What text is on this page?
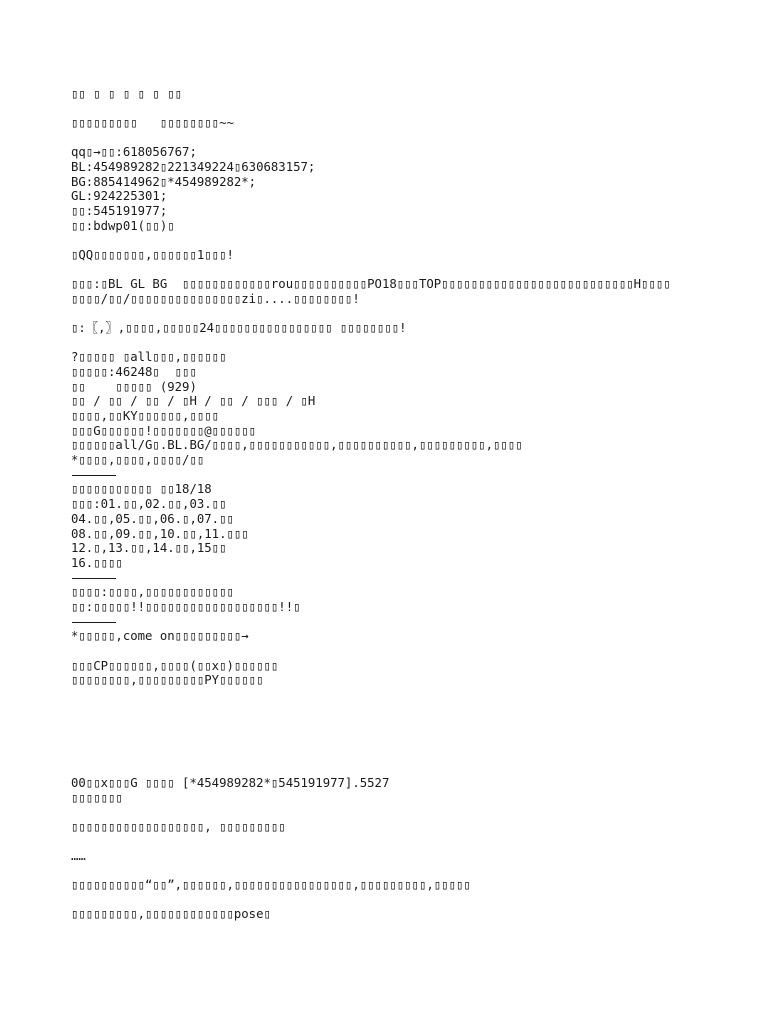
▯▯ ▯ ▯ ▯ ▯ ▯ ▯▯
▯▯▯▯▯▯▯▯▯   ▯▯▯▯▯▯▯▯~~
qq▯→▯▯:618056767;
BL:454989282▯221349224▯630683157;
BG:885414962▯*454989282*;
GL:924225301;
▯▯:545191977;
▯▯:bdwp01(▯▯)▯
▯QQ▯▯▯▯▯▯▯,▯▯▯▯▯▯1▯▯▯!
▯▯▯:▯BL GL BG  ▯▯▯▯▯▯▯▯▯▯▯▯rou▯▯▯▯▯▯▯▯▯▯PO18▯▯▯TOP▯▯▯▯▯▯▯▯▯▯▯▯▯▯▯▯▯▯▯▯▯▯▯▯▯▯H▯▯▯▯
▯▯▯▯/▯▯/▯▯▯▯▯▯▯▯▯▯▯▯▯▯▯zi▯....▯▯▯▯▯▯▯▯!
▯:〖,〗,▯▯▯▯,▯▯▯▯▯24▯▯▯▯▯▯▯▯▯▯▯▯▯▯▯▯ ▯▯▯▯▯▯▯▯!
?▯▯▯▯▯ ▯all▯▯▯,▯▯▯▯▯▯
▯▯▯▯▯:46248▯  ▯▯▯
▯▯    ▯▯▯▯▯ (929)
▯▯ / ▯▯ / ▯▯ / ▯H / ▯▯ / ▯▯▯ / ▯H
▯▯▯▯,▯▯KY▯▯▯▯▯▯,▯▯▯▯
▯▯▯G▯▯▯▯▯▯!▯▯▯▯▯▯▯@▯▯▯▯▯▯
▯▯▯▯▯▯all/G▯.BL.BG/▯▯▯▯,▯▯▯▯▯▯▯▯▯▯▯,▯▯▯▯▯▯▯▯▯▯,▯▯▯▯▯▯▯▯▯,▯▯▯▯
*▯▯▯▯,▯▯▯▯,▯▯▯▯/▯▯
▯▯▯▯▯▯▯▯▯▯▯ ▯▯18/18
▯▯▯:01.▯▯,02.▯▯,03.▯▯
04.▯▯,05.▯▯,06.▯,07.▯▯
08.▯▯,09.▯▯,10.▯▯,11.▯▯▯
12.▯,13.▯▯,14.▯▯,15▯▯
16.▯▯▯▯
▯▯▯▯:▯▯▯▯,▯▯▯▯▯▯▯▯▯▯▯▯
▯▯:▯▯▯▯▯!!▯▯▯▯▯▯▯▯▯▯▯▯▯▯▯▯▯▯!!▯
*▯▯▯▯▯,come on▯▯▯▯▯▯▯▯▯→
▯▯▯CP▯▯▯▯▯▯,▯▯▯▯(▯▯x▯)▯▯▯▯▯▯
▯▯▯▯▯▯▯▯,▯▯▯▯▯▯▯▯▯PY▯▯▯▯▯▯
00▯▯x▯▯▯G ▯▯▯▯ [*454989282*▯545191977].5527
▯▯▯▯▯▯▯
▯▯▯▯▯▯▯▯▯▯▯▯▯▯▯▯▯▯, ▯▯▯▯▯▯▯▯▯
……
▯▯▯▯▯▯▯▯▯▯“▯▯”,▯▯▯▯▯▯,▯▯▯▯▯▯▯▯▯▯▯▯▯▯▯▯,▯▯▯▯▯▯▯▯▯,▯▯▯▯▯
▯▯▯▯▯▯▯▯▯,▯▯▯▯▯▯▯▯▯▯▯▯pose▯
